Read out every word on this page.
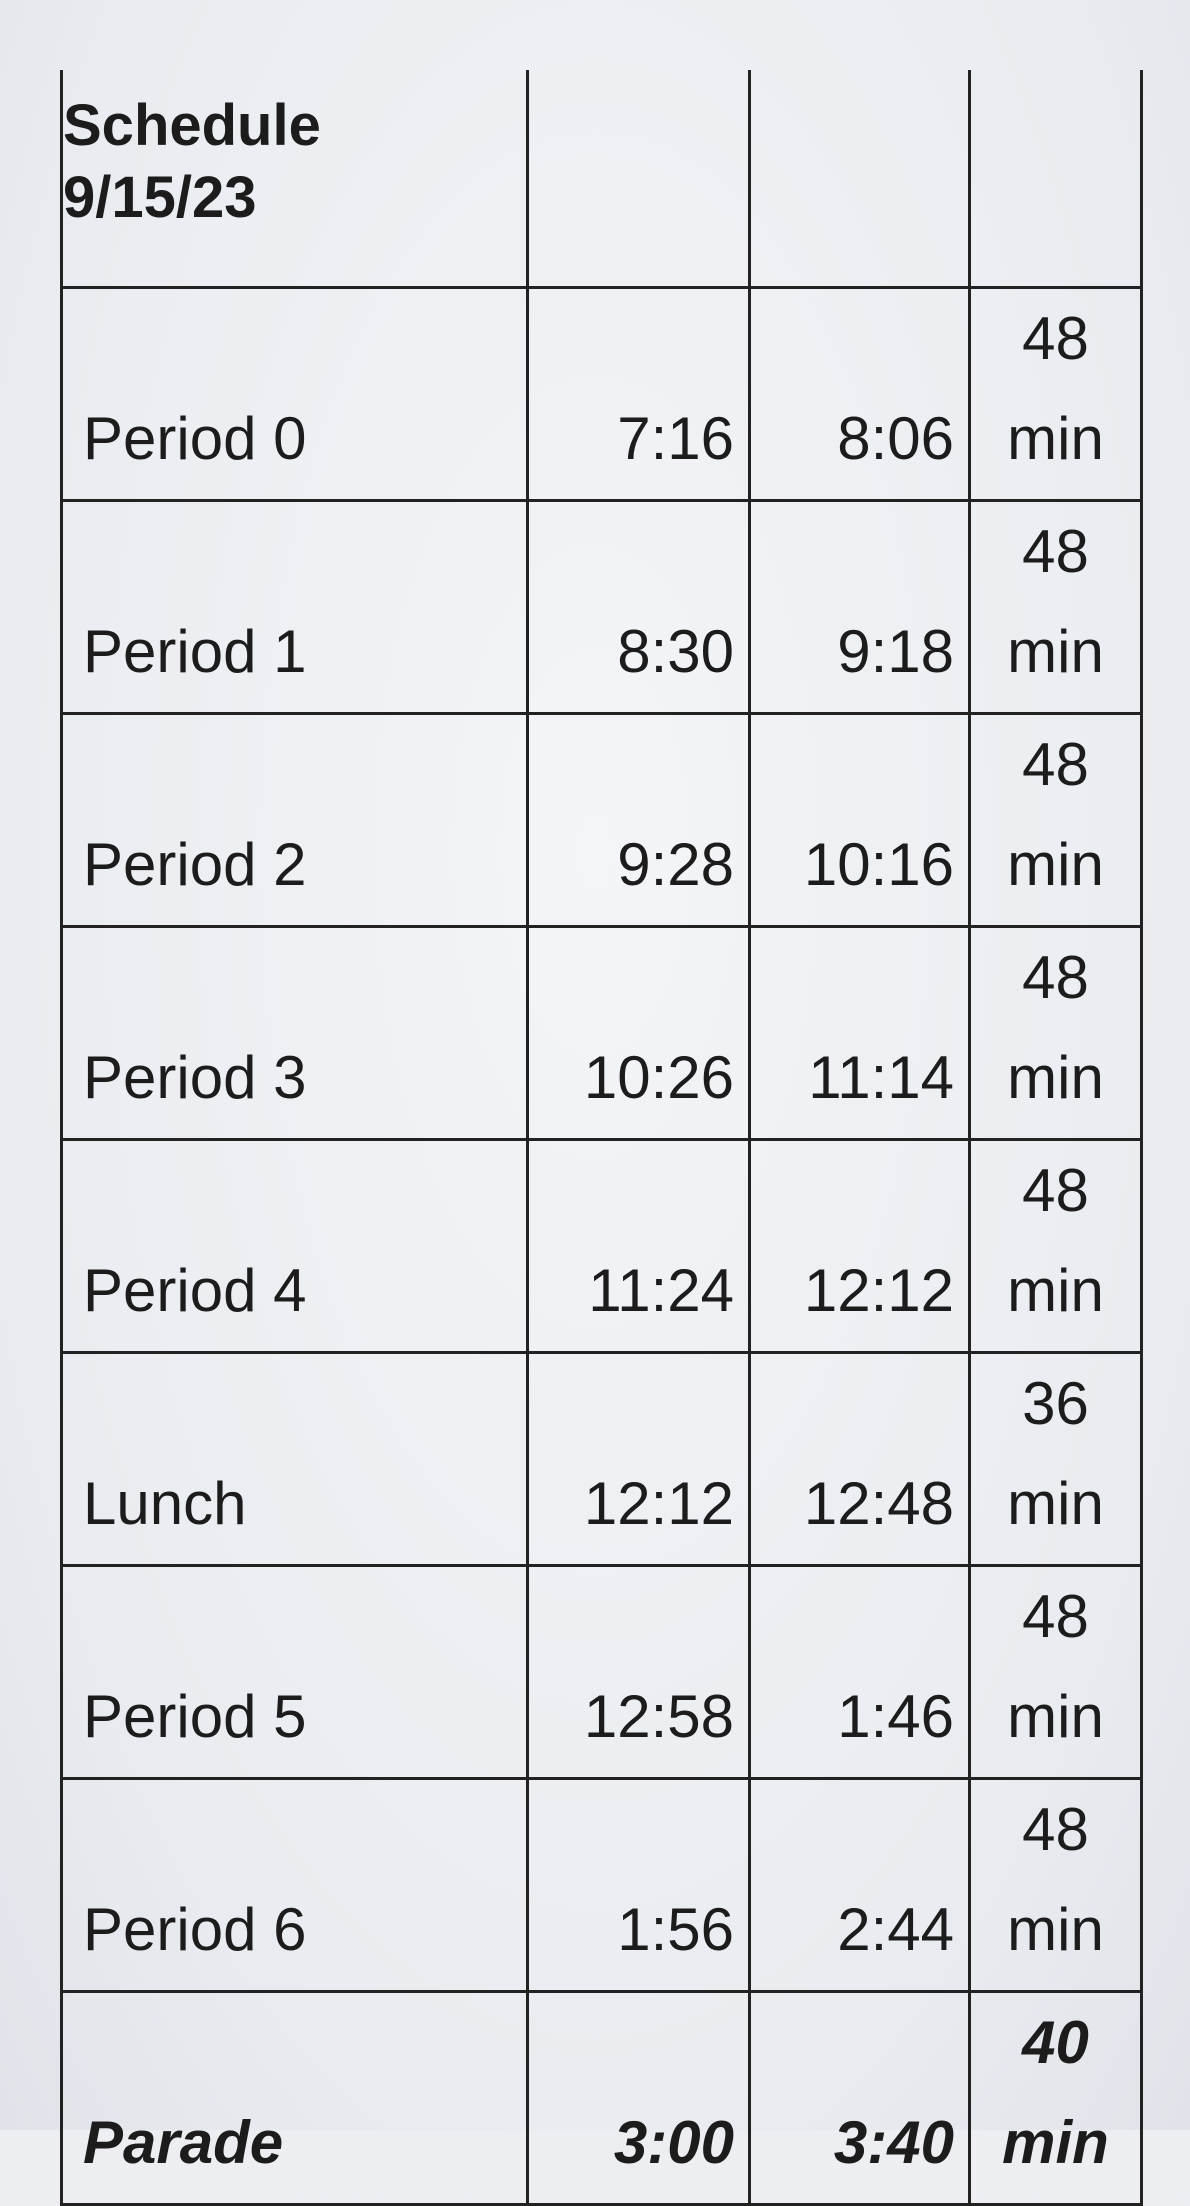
Schedule
9/15/23			
Period 0	7:16	8:06	48
min

Period 1	8:30	9:18	48
min

Period 2	9:28	10:16	48
min

Period 3	10:26	11:14	48
min

Period 4	11:24	12:12	48
min

Lunch	12:12	12:48	36
min

Period 5	12:58	1:46	48
min

Period 6	1:56	2:44	48
min

Parade	3:00	3:40	40
min
